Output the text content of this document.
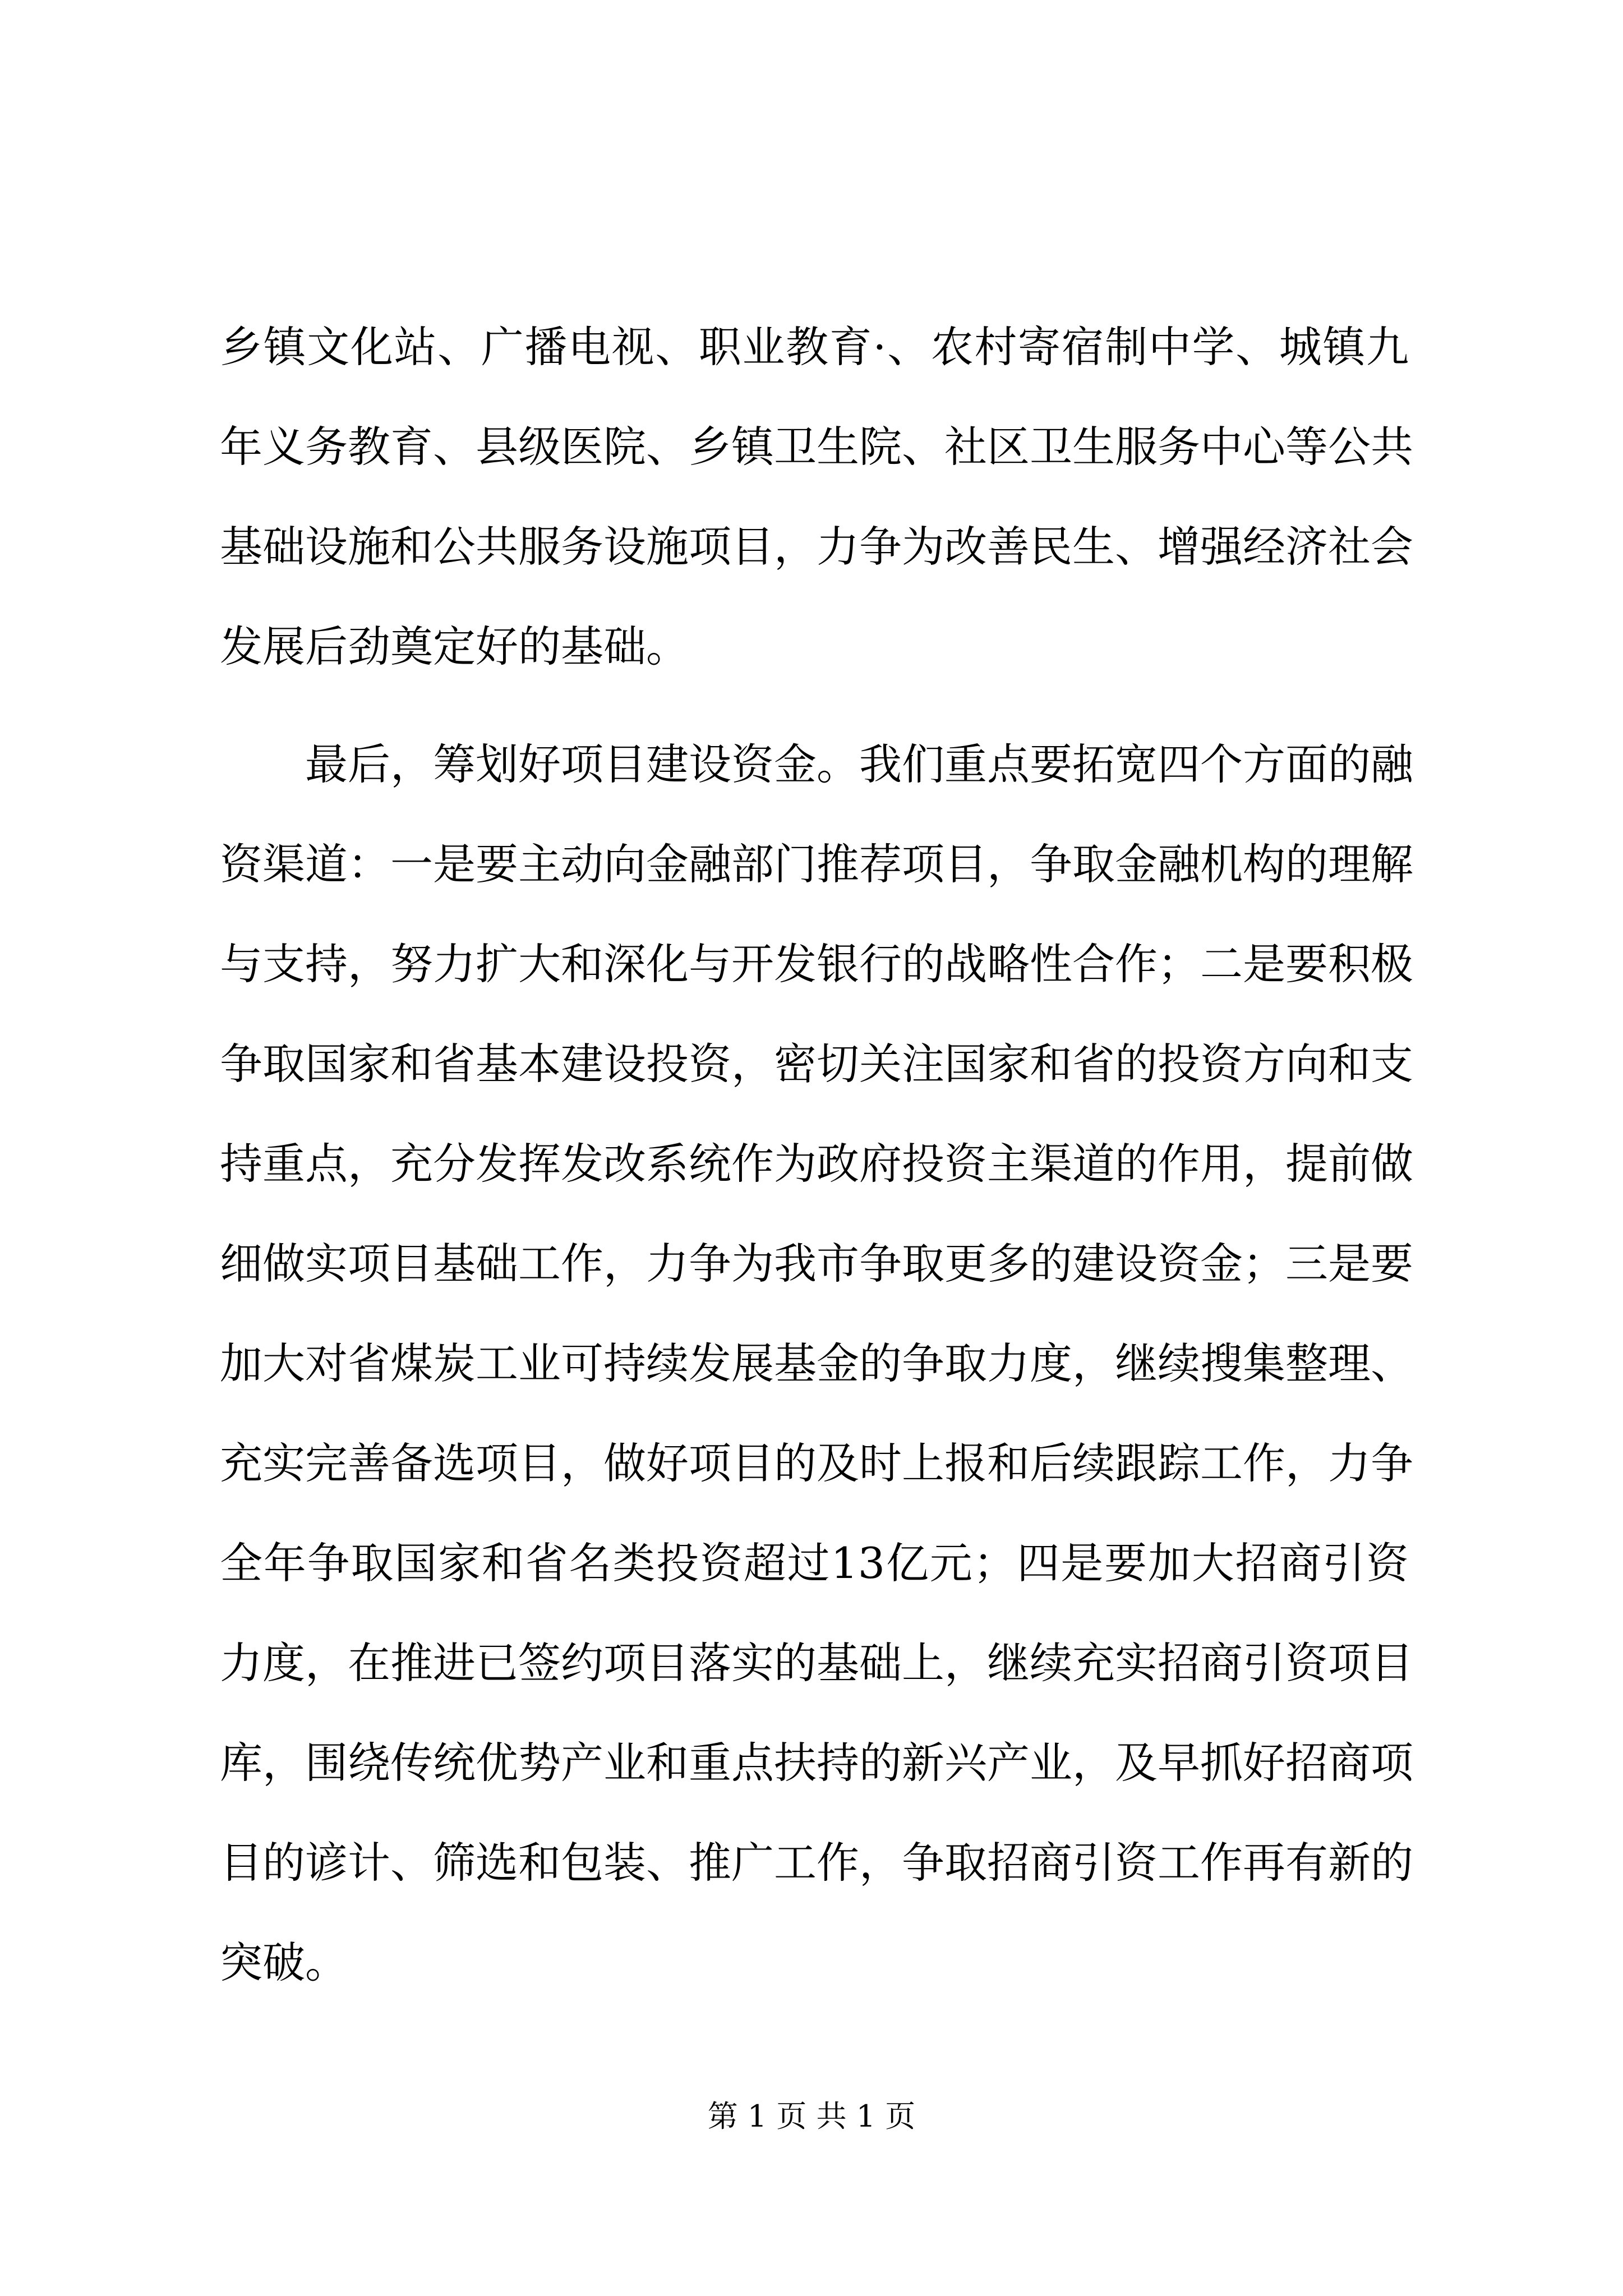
乡镇文化站、广播电视、职业教育·、农村寄宿制中学、城镇九
年义务教育、县级医院、乡镇卫生院、社区卫生服务中心等公共
基础设施和公共服务设施项目，力争为改善民生、增强经济社会
发展后劲奠定好的基础。
最后，筹划好项目建设资金。我们重点要拓宽四个方面的融
资渠道：一是要主动向金融部门推荐项目，争取金融机构的理解
与支持，努力扩大和深化与开发银行的战略性合作；二是要积极
争取国家和省基本建设投资，密切关注国家和省的投资方向和支
持重点，充分发挥发改系统作为政府投资主渠道的作用，提前做
细做实项目基础工作，力争为我市争取更多的建设资金；三是要
加大对省煤炭工业可持续发展基金的争取力度，继续搜集整理、
充实完善备选项目，做好项目的及时上报和后续跟踪工作，力争
全年争取国家和省名类投资超过13亿元；四是要加大招商引资
力度，在推进已签约项目落实的基础上，继续充实招商引资项目
库，围绕传统优势产业和重点扶持的新兴产业，及早抓好招商项
目的谚计、筛选和包装、推广工作，争取招商引资工作再有新的
突破。
第 1 页 共 1 页
